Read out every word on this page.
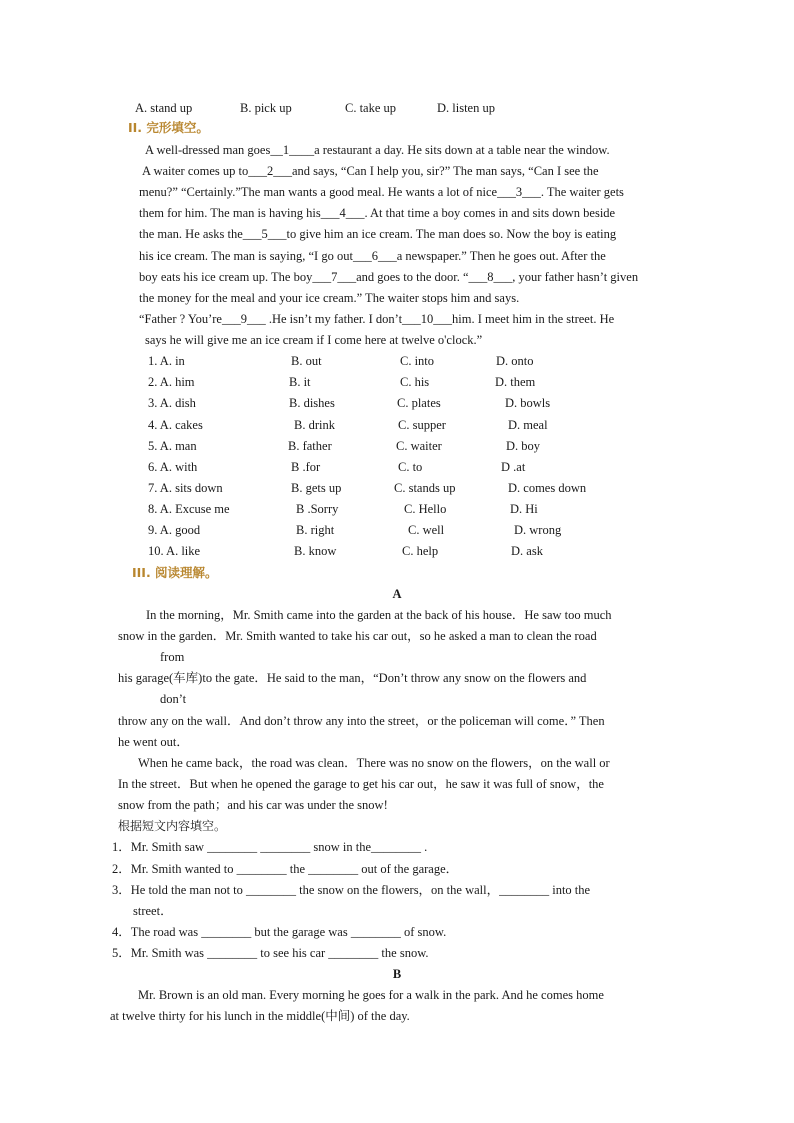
A. stand up	B. pick up	C. take up	D. listen up
II. 完形填空。
A well-dressed man goes__1____a restaurant a day. He sits down at a table near the window.
A waiter comes up to___2___and says, “Can I help you, sir?” The man says, “Can I see the
menu?” “Certainly.”The man wants a good meal. He wants a lot of nice___3___. The waiter gets
them for him. The man is having his___4___. At that time a boy comes in and sits down beside
the man. He asks the___5___to give him an ice cream. The man does so. Now the boy is eating
his ice cream. The man is saying, “I go out___6___a newspaper.” Then he goes out. After the
boy eats his ice cream up. The boy___7___and goes to the door. “___8___, your father hasn’t given
the money for the meal and your ice cream.” The waiter stops him and says.
“Father ? You’re___9___ .He isn’t my father. I don’t___10___him. I meet him in the street. He
says he will give me an ice cream if I come here at twelve o'clock.”
1. A. in	B. out	C. into	D. onto
2. A. him	B. it	C. his	D. them
3. A. dish	B. dishes	C. plates	D. bowls
4. A. cakes	B. drink	C. supper	D. meal
5. A. man	B. father	C. waiter	D. boy
6. A. with	B .for	C. to	D .at
7. A. sits down	B. gets up	C. stands up	D. comes down
8. A. Excuse me	B .Sorry	C. Hello	D. Hi
9. A. good	B. right	C. well	D. wrong
10. A. like	B. know	C. help	D. ask
III. 阅读理解。
A
In the morning，Mr. Smith came into the garden at the back of his house．He saw too much
snow in the garden．Mr. Smith wanted to take his car out，so he asked a man to clean the road
from
his garage(车库)to the gate．He said to the man，“Don’t throw any snow on the flowers and
don’t
throw any on the wall．And don’t throw any into the street，or the policeman will come．” Then
he went out．
When he came back，the road was clean．There was no snow on the flowers，on the wall or
In the street．But when he opened the garage to get his car out，he saw it was full of snow，the
snow from the path；and his car was under the snow!
根据短文内容填空。
1．Mr. Smith saw ________ ________ snow in the________ .
2．Mr. Smith wanted to ________ the ________ out of the garage．
3．He told the man not to ________ the snow on the flowers，on the wall，________ into the
street．
4．The road was ________ but the garage was ________ of snow.
5．Mr. Smith was ________ to see his car ________ the snow.
B
Mr. Brown is an old man. Every morning he goes for a walk in the park. And he comes home
at twelve thirty for his lunch in the middle(中间) of the day.
